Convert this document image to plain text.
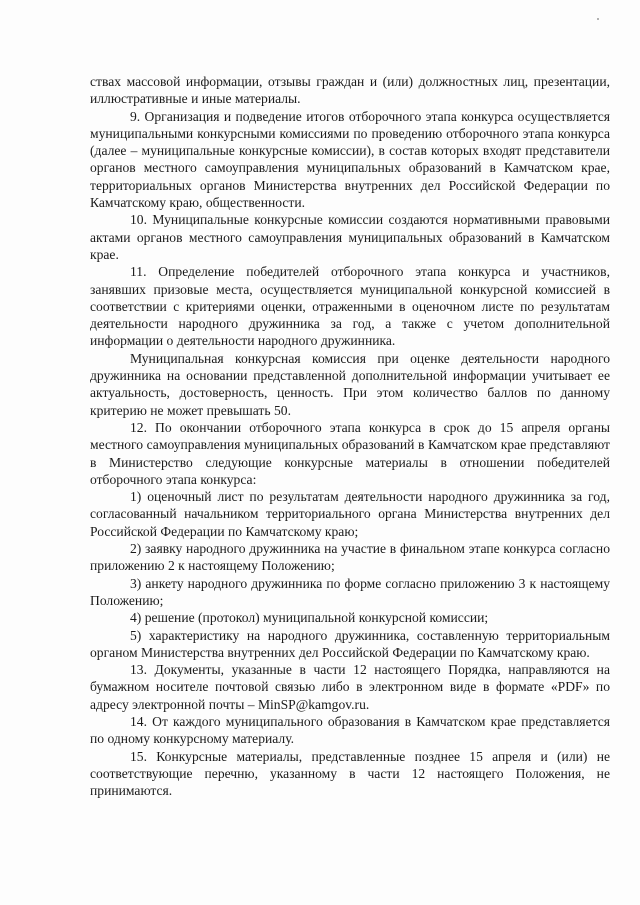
ствах массовой информации, отзывы граждан и (или) должностных лиц, презентации, иллюстративные и иные материалы.

9. Организация и подведение итогов отборочного этапа конкурса осуществляется муниципальными конкурсными комиссиями по проведению отборочного этапа конкурса (далее – муниципальные конкурсные комиссии), в состав которых входят представители органов местного самоуправления муниципальных образований в Камчатском крае, территориальных органов Министерства внутренних дел Российской Федерации по Камчатскому краю, общественности.

10. Муниципальные конкурсные комиссии создаются нормативными правовыми актами органов местного самоуправления муниципальных образований в Камчатском крае.

11. Определение победителей отборочного этапа конкурса и участников, занявших призовые места, осуществляется муниципальной конкурсной комиссией в соответствии с критериями оценки, отраженными в оценочном листе по результатам деятельности народного дружинника за год, а также с учетом дополнительной информации о деятельности народного дружинника.

Муниципальная конкурсная комиссия при оценке деятельности народного дружинника на основании представленной дополнительной информации учитывает ее актуальность, достоверность, ценность. При этом количество баллов по данному критерию не может превышать 50.

12. По окончании отборочного этапа конкурса в срок до 15 апреля органы местного самоуправления муниципальных образований в Камчатском крае представляют в Министерство следующие конкурсные материалы в отношении победителей отборочного этапа конкурса:

1) оценочный лист по результатам деятельности народного дружинника за год, согласованный начальником территориального органа Министерства внутренних дел Российской Федерации по Камчатскому краю;

2) заявку народного дружинника на участие в финальном этапе конкурса согласно приложению 2 к настоящему Положению;

3) анкету народного дружинника по форме согласно приложению 3 к настоящему Положению;

4) решение (протокол) муниципальной конкурсной комиссии;

5) характеристику на народного дружинника, составленную территориальным органом Министерства внутренних дел Российской Федерации по Камчатскому краю.

13. Документы, указанные в части 12 настоящего Порядка, направляются на бумажном носителе почтовой связью либо в электронном виде в формате «PDF» по адресу электронной почты – MinSP@kamgov.ru.

14. От каждого муниципального образования в Камчатском крае представляется по одному конкурсному материалу.

15. Конкурсные материалы, представленные позднее 15 апреля и (или) не соответствующие перечню, указанному в части 12 настоящего Положения, не принимаются.
